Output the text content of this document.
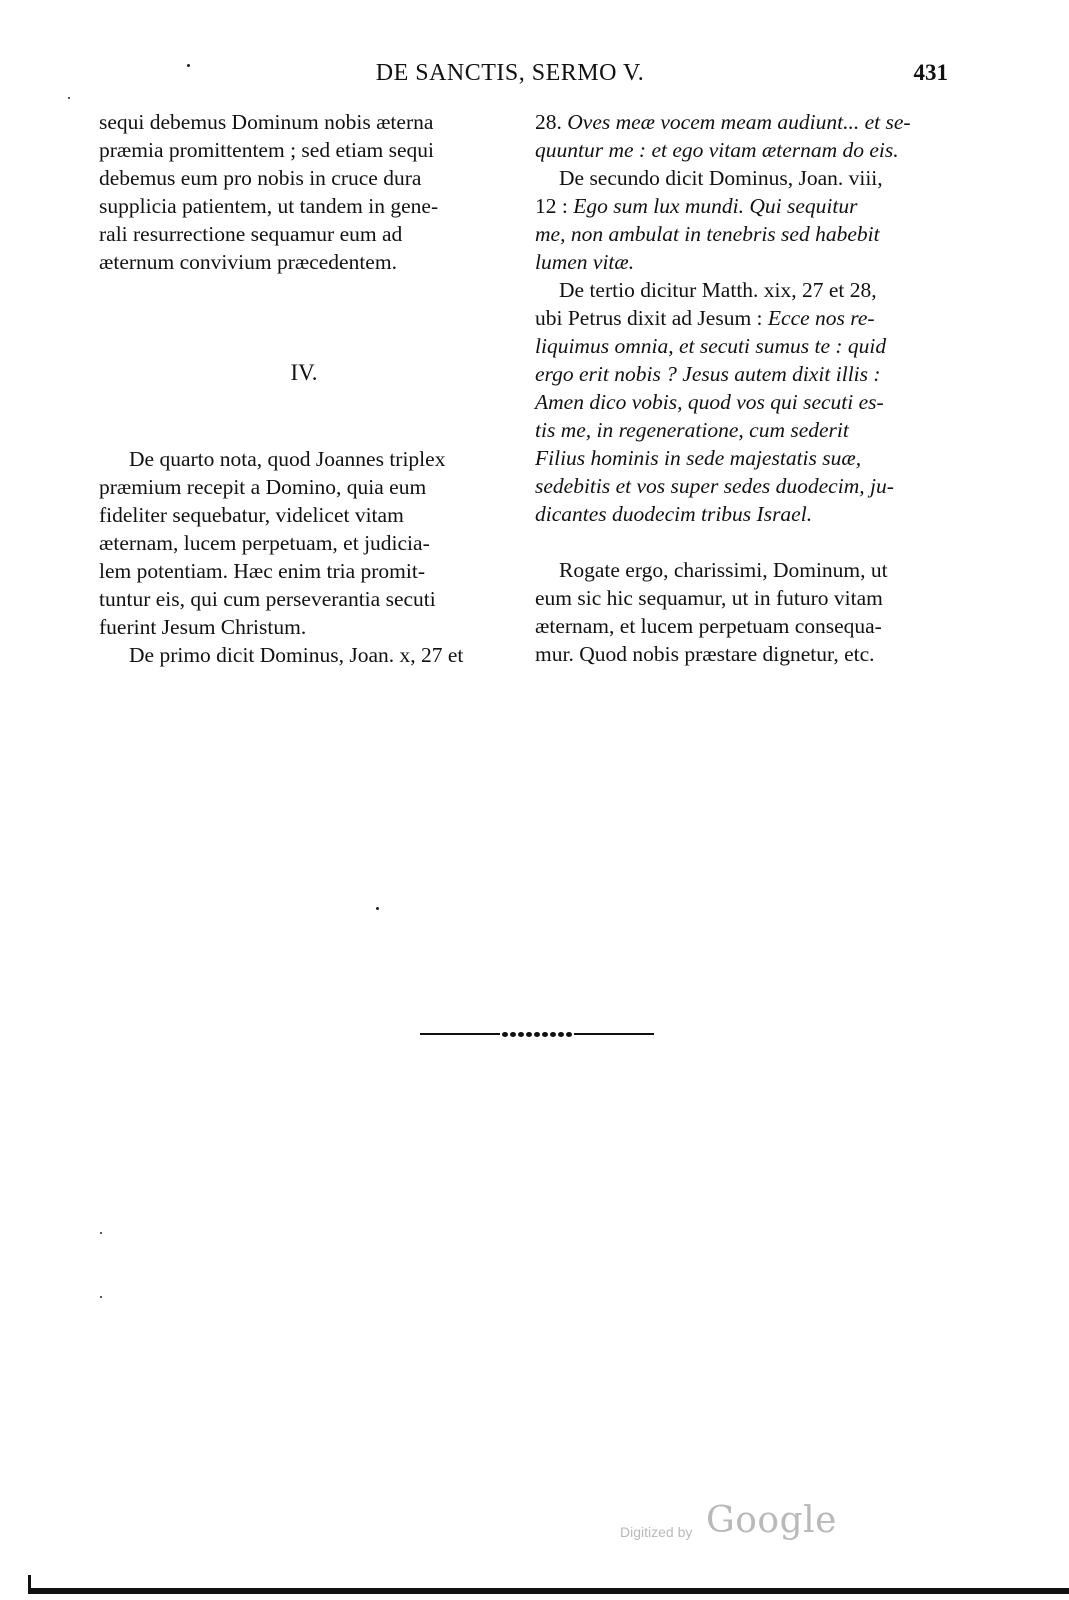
DE SANCTIS, SERMO V.	431
sequi debemus Dominum nobis æterna
præmia promittentem ; sed etiam sequi
debemus eum pro nobis in cruce dura
supplicia patientem, ut tandem in gene-
rali resurrectione sequamur eum ad
æternum convivium præcedentem.
IV.
De quarto nota, quod Joannes triplex
præmium recepit a Domino, quia eum
fideliter sequebatur, videlicet vitam
æternam, lucem perpetuam, et judicia-
lem potentiam. Hæc enim tria promit-
tuntur eis, qui cum perseverantia secuti
fuerint Jesum Christum.
De primo dicit Dominus, Joan. x, 27 et
28. Oves meæ vocem meam audiunt... et se-
quuntur me : et ego vitam æternam do eis.
De secundo dicit Dominus, Joan. viii,
12 : Ego sum lux mundi. Qui sequitur
me, non ambulat in tenebris sed habebit
lumen vitæ.
De tertio dicitur Matth. xix, 27 et 28,
ubi Petrus dixit ad Jesum : Ecce nos re-
liquimus omnia, et secuti sumus te : quid
ergo erit nobis ? Jesus autem dixit illis :
Amen dico vobis, quod vos qui secuti es-
tis me, in regeneratione, cum sederit
Filius hominis in sede majestatis suæ,
sedebitis et vos super sedes duodecim, ju-
dicantes duodecim tribus Israel.
Rogate ergo, charissimi, Dominum, ut
eum sic hic sequamur, ut in futuro vitam
æternam, et lucem perpetuam consequa-
mur. Quod nobis præstare dignetur, etc.
Digitized by Google
